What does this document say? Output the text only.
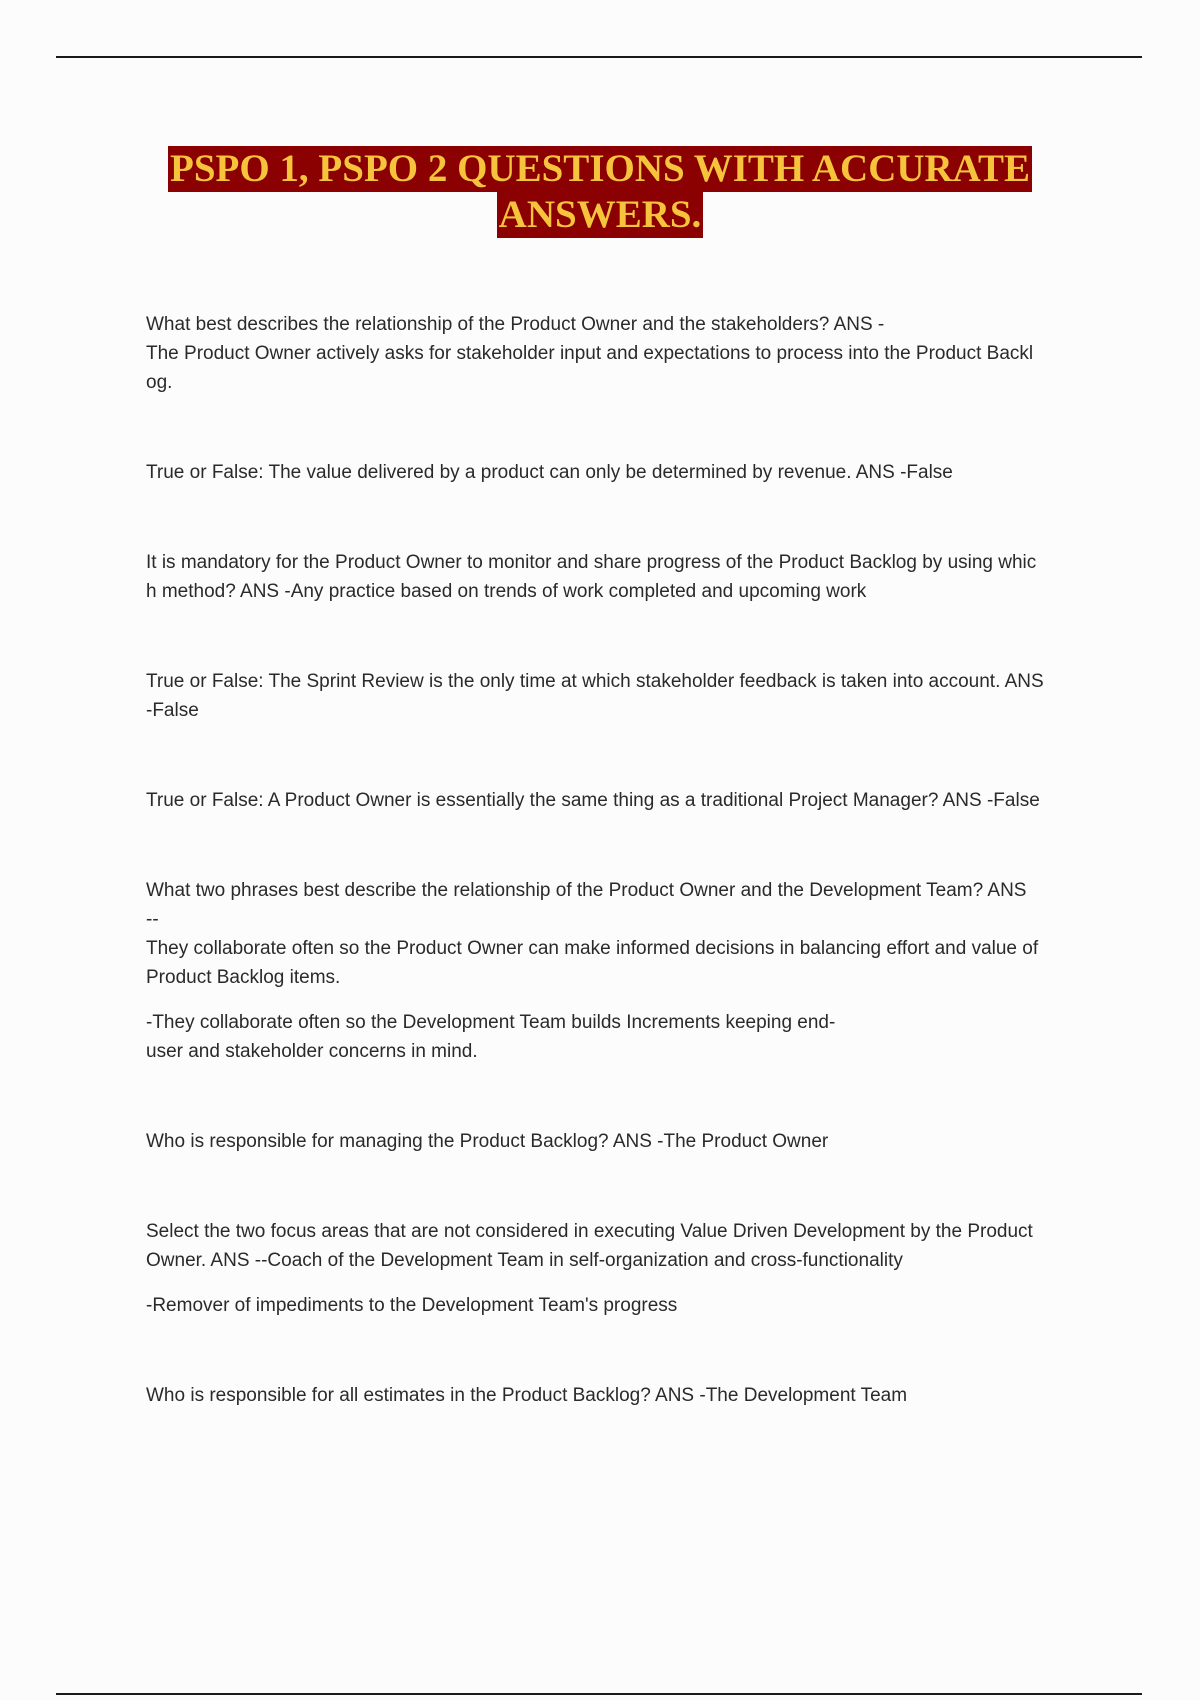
PSPO 1, PSPO 2 QUESTIONS WITH ACCURATE
ANSWERS.

What best describes the relationship of the Product Owner and the stakeholders? ANS -

The Product Owner actively asks for stakeholder input and expectations to process into the Product Backl

og.

True or False: The value delivered by a product can only be determined by revenue. ANS -False

It is mandatory for the Product Owner to monitor and share progress of the Product Backlog by using whic

h method? ANS -Any practice based on trends of work completed and upcoming work

True or False: The Sprint Review is the only time at which stakeholder feedback is taken into account. ANS

-False

True or False: A Product Owner is essentially the same thing as a traditional Project Manager? ANS -False

What two phrases best describe the relationship of the Product Owner and the Development Team? ANS

--

They collaborate often so the Product Owner can make informed decisions in balancing effort and value of

Product Backlog items.

-They collaborate often so the Development Team builds Increments keeping end-

user and stakeholder concerns in mind.

Who is responsible for managing the Product Backlog? ANS -The Product Owner

Select the two focus areas that are not considered in executing Value Driven Development by the Product

Owner. ANS --Coach of the Development Team in self-organization and cross-functionality

-Remover of impediments to the Development Team's progress

Who is responsible for all estimates in the Product Backlog? ANS -The Development Team
